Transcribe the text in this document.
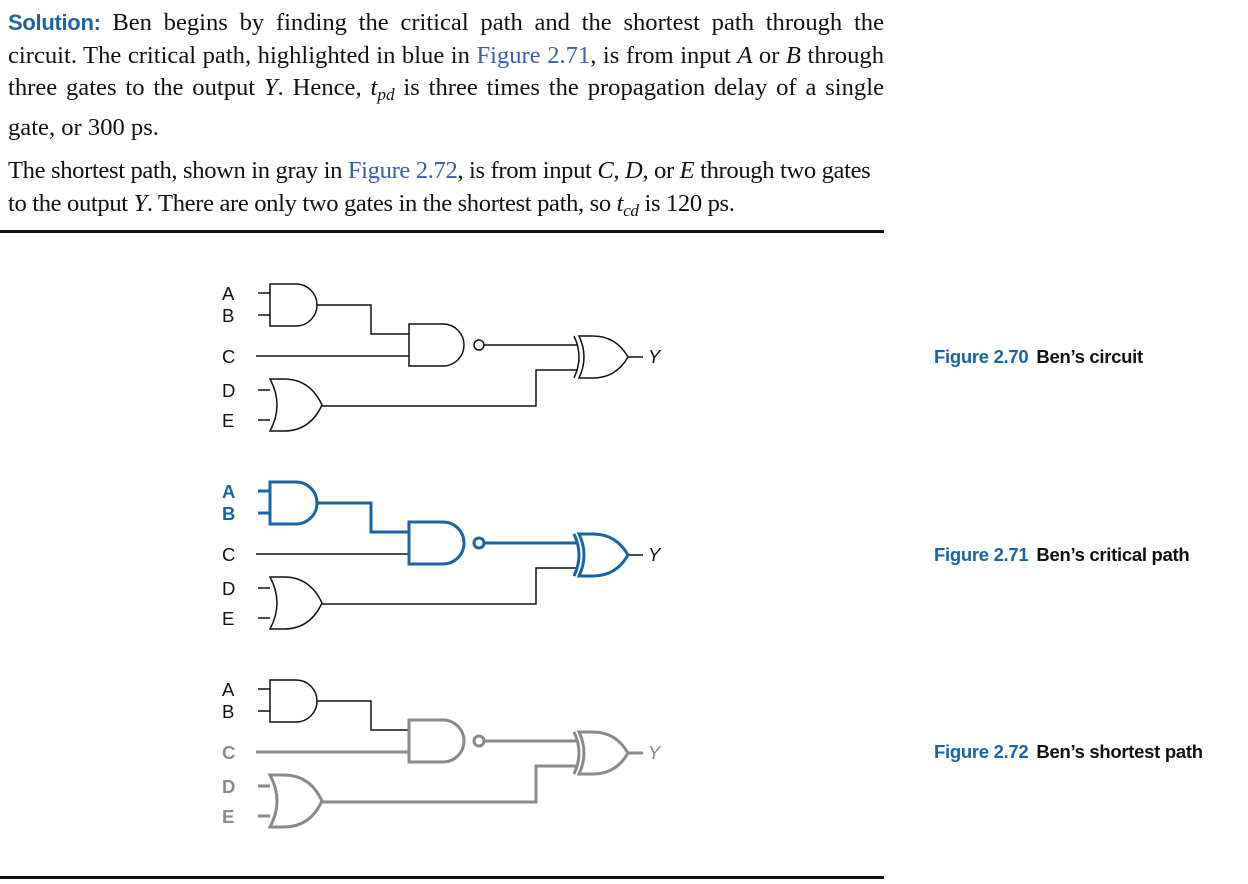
Solution: Ben begins by finding the critical path and the shortest path through the circuit. The critical path, highlighted in blue in Figure 2.71, is from input A or B through three gates to the output Y. Hence, $t_{pd}$ is three times the propagation delay of a single gate, or 300 ps.
The shortest path, shown in gray in Figure 2.72, is from input C, D, or E through two gates to the output Y. There are only two gates in the shortest path, so $t_{cd}$ is 120 ps.
A
B
C
D
E
Y
A
B
C
D
E
Y
A
B
C
D
E
Y
Figure 2.70 Ben’s circuit
Figure 2.71 Ben’s critical path
Figure 2.72 Ben’s shortest path
